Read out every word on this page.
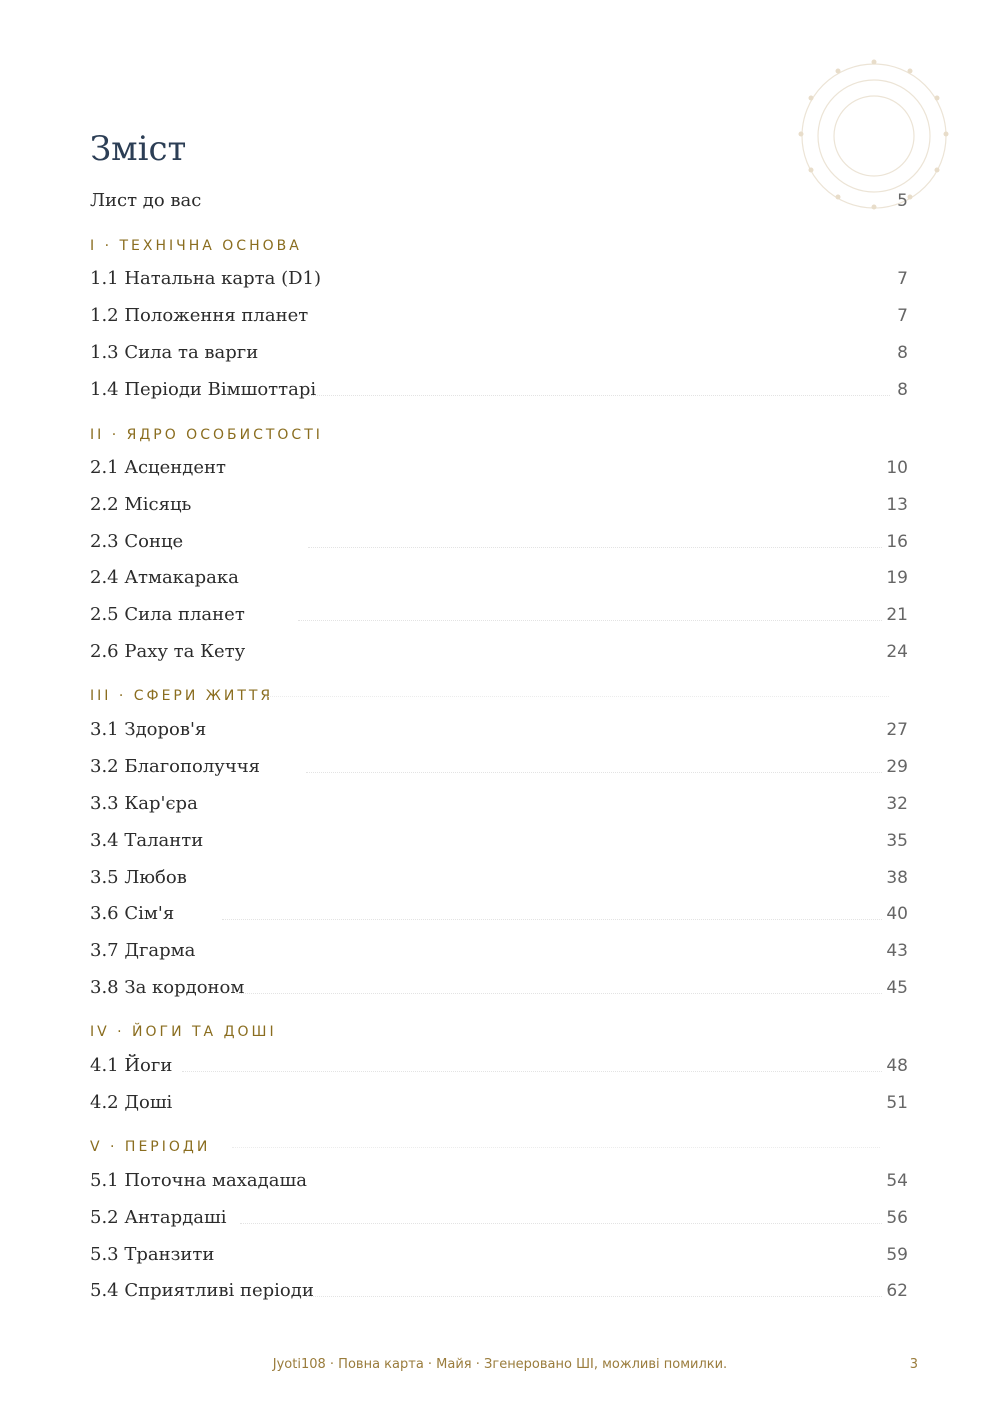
Зміст
Лист до вас	5
I · ТЕХНІЧНА ОСНОВА
1.1 Натальна карта (D1)	7
1.2 Положення планет	7
1.3 Сила та варги	8
1.4 Періоди Вімшоттарі	8
II · ЯДРО ОСОБИСТОСТІ
2.1 Асцендент	10
2.2 Місяць	13
2.3 Сонце	16
2.4 Атмакарака	19
2.5 Сила планет	21
2.6 Раху та Кету	24
III · СФЕРИ ЖИТТЯ
3.1 Здоров'я	27
3.2 Благополуччя	29
3.3 Кар'єра	32
3.4 Таланти	35
3.5 Любов	38
3.6 Сім'я	40
3.7 Дгарма	43
3.8 За кордоном	45
IV · ЙОГИ ТА ДОШІ
4.1 Йоги	48
4.2 Доші	51
V · ПЕРІОДИ
5.1 Поточна махадаша	54
5.2 Антардаші	56
5.3 Транзити	59
5.4 Сприятливі періоди	62
Jyoti108 · Повна карта · Майя · Згенеровано ШІ, можливі помилки.	3
